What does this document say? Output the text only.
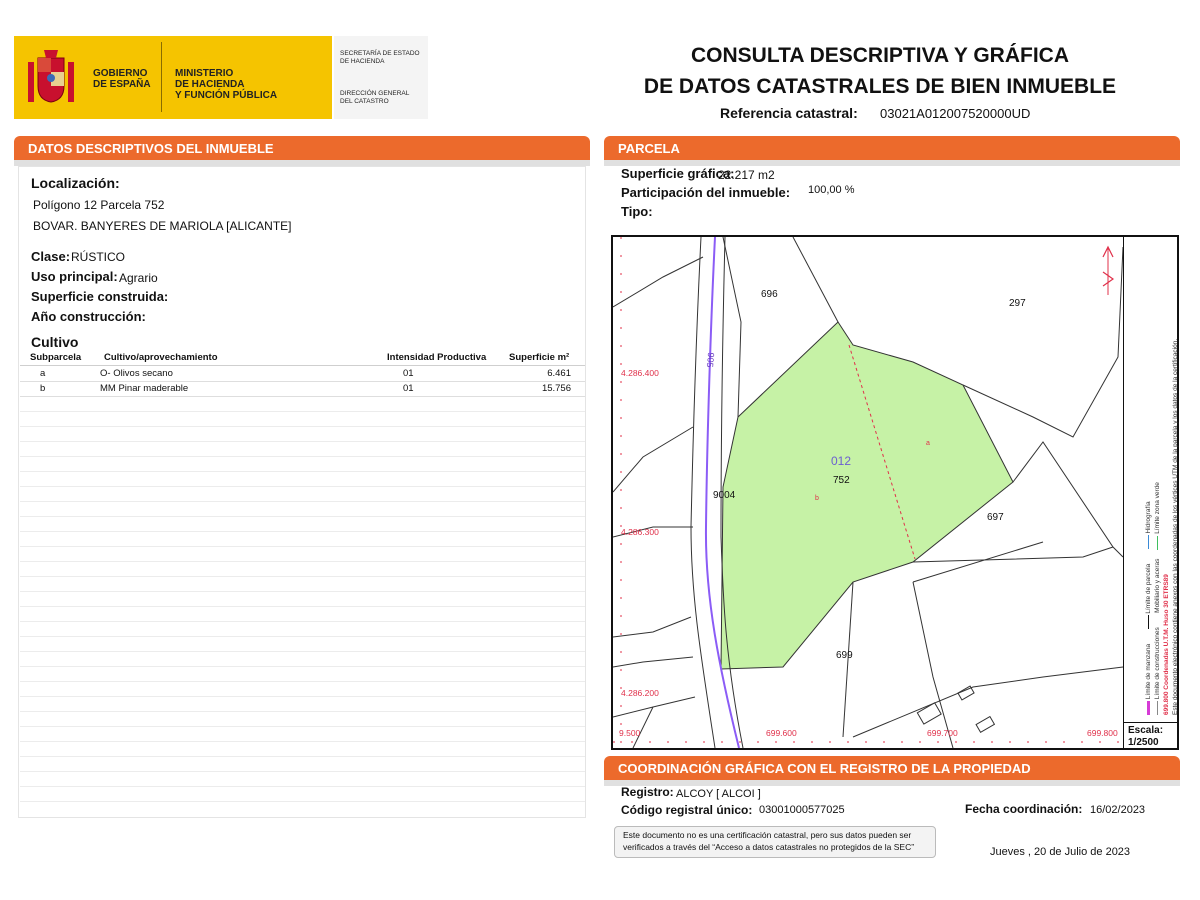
GOBIERNO
DE ESPAÑA
MINISTERIO
DE HACIENDA
Y FUNCIÓN PÚBLICA
SECRETARÍA DE ESTADO
DE HACIENDA
DIRECCIÓN GENERAL
DEL CATASTRO
CONSULTA DESCRIPTIVA Y GRÁFICA
DE DATOS CATASTRALES DE BIEN INMUEBLE
Referencia catastral: 03021A012007520000UD
DATOS DESCRIPTIVOS DEL INMUEBLE
Localización:
Polígono 12 Parcela 752
BOVAR. BANYERES DE MARIOLA [ALICANTE]
Clase: RÚSTICO
Uso principal: Agrario
Superficie construida:
Año construcción:
Cultivo
Subparcela Cultivo/aprovechamiento	Intensidad Productiva Superficie m²
a	O- Olivos secano	01	6.461
b	MM Pinar maderable	01	15.756
PARCELA
Superficie gráfica:
22.217 m2
Participación del inmueble: 100,00 %
Tipo:
696
297
905
012
752
9004
697
699
a
b
4.286.400
4.286.300
4.286.200
9.500	699.600	699.700	699.800
Límite de manzana         Límite de parcela         Hidrografía
Límite de construcciones        Mobiliario y aceras      Límite zona verde
699.800 Coordenadas U.T.M. Huso 30 ETRS89 Este documento electrónico contiene anexos con las coordenadas de los vértices UTM de la parcela y los datos de la certificación.
Escala:
1/2500
COORDINACIÓN GRÁFICA CON EL REGISTRO DE LA PROPIEDAD
Registro: ALCOY [ ALCOI ]
Código registral único: 03001000577025	Fecha coordinación: 16/02/2023
Este documento no es una certificación catastral, pero sus datos pueden ser verificados a través del “Acceso a datos catastrales no protegidos de la SEC”	Jueves , 20 de Julio de 2023
